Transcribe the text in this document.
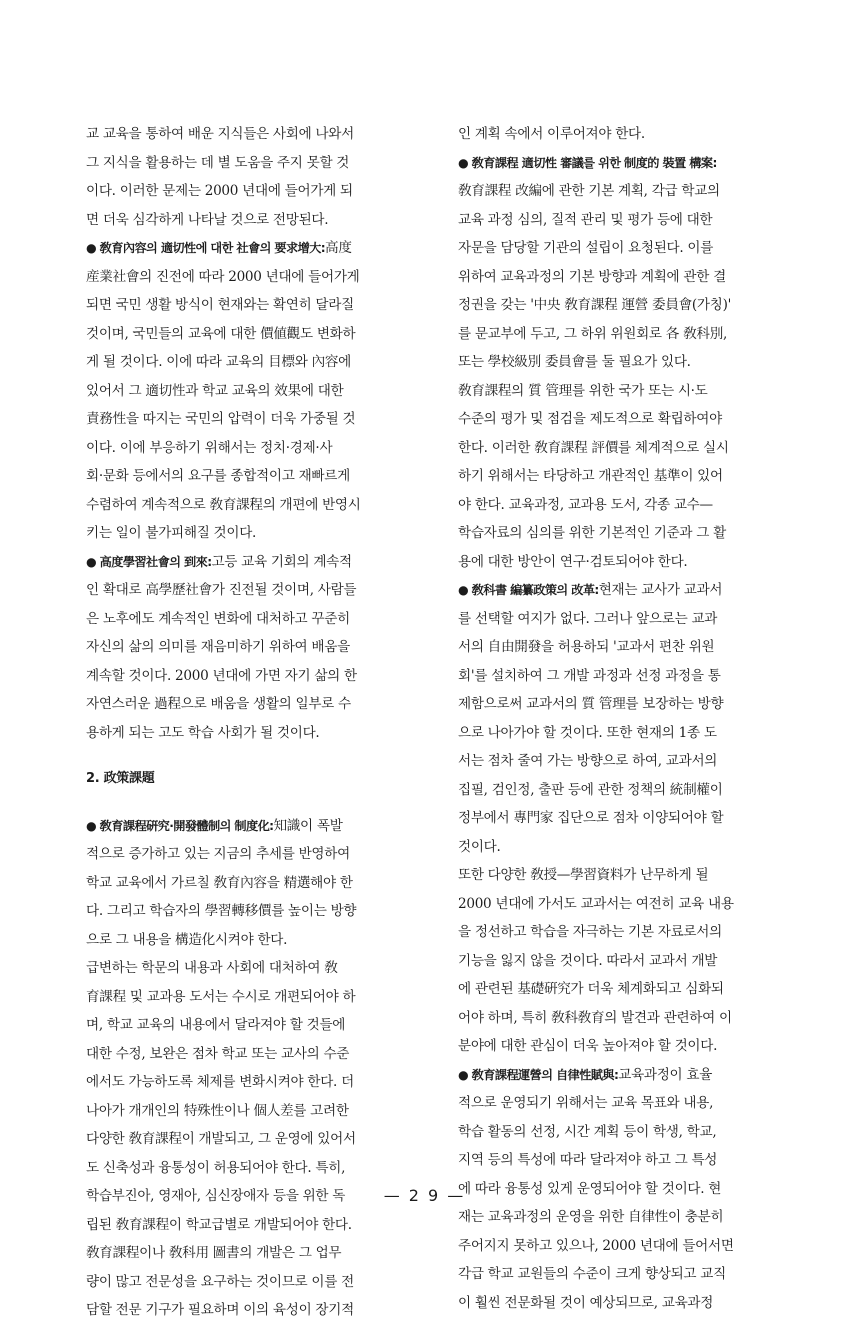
교 교육을 통하여 배운 지식들은 사회에 나와서
그 지식을 활용하는 데 별 도움을 주지 못할 것
이다. 이러한 문제는 2000 년대에 들어가게 되
면 더욱 심각하게 나타날 것으로 전망된다.
● 敎育內容의 適切性에 대한 社會의 要求增大:高度
産業社會의 진전에 따라 2000 년대에 들어가게
되면 국민 생활 방식이 현재와는 확연히 달라질
것이며, 국민들의 교육에 대한 價値觀도 변화하
게 될 것이다. 이에 따라 교육의 目標와 內容에
있어서 그 適切性과 학교 교육의 效果에 대한
責務性을 따지는 국민의 압력이 더욱 가중될 것
이다. 이에 부응하기 위해서는 정치·경제·사
회·문화 등에서의 요구를 종합적이고 재빠르게
수렴하여 계속적으로 敎育課程의 개편에 반영시
키는 일이 불가피해질 것이다.
● 高度學習社會의 到來:고등 교육 기회의 계속적
인 확대로 高學歷社會가 진전될 것이며, 사람들
은 노후에도 계속적인 변화에 대처하고 꾸준히
자신의 삶의 의미를 재음미하기 위하여 배움을
계속할 것이다. 2000 년대에 가면 자기 삶의 한
자연스러운 過程으로 배움을 생활의 일부로 수
용하게 되는 고도 학습 사회가 될 것이다.
2. 政策課題
● 敎育課程硏究·開發體制의 制度化:知識이 폭발
적으로 증가하고 있는 지금의 추세를 반영하여
학교 교육에서 가르칠 敎育內容을 精選해야 한
다. 그리고 학습자의 學習轉移價를 높이는 방향
으로 그 내용을 構造化시켜야 한다.
급변하는 학문의 내용과 사회에 대처하여 敎
育課程 및 교과용 도서는 수시로 개편되어야 하
며, 학교 교육의 내용에서 달라져야 할 것들에
대한 수정, 보완은 점차 학교 또는 교사의 수준
에서도 가능하도록 체제를 변화시켜야 한다. 더
나아가 개개인의 特殊性이나 個人差를 고려한
다양한 敎育課程이 개발되고, 그 운영에 있어서
도 신축성과 융통성이 허용되어야 한다. 특히,
학습부진아, 영재아, 심신장애자 등을 위한 독
립된 敎育課程이 학교급별로 개발되어야 한다.
敎育課程이나 敎科用 圖書의 개발은 그 업무
량이 많고 전문성을 요구하는 것이므로 이를 전
담할 전문 기구가 필요하며 이의 육성이 장기적
인 계획 속에서 이루어져야 한다.
● 敎育課程 適切性 審議를 위한 制度的 裝置 構案:
敎育課程 改編에 관한 기본 계획, 각급 학교의
교육 과정 심의, 질적 관리 및 평가 등에 대한
자문을 담당할 기관의 설립이 요청된다. 이를
위하여 교육과정의 기본 방향과 계획에 관한 결
정권을 갖는 '中央 敎育課程 運營 委員會(가칭)'
를 문교부에 두고, 그 하위 위원회로 各 敎科別,
또는 學校級別 委員會를 둘 필요가 있다.
敎育課程의 質 管理를 위한 국가 또는 시·도
수준의 평가 및 점검을 제도적으로 확립하여야
한다. 이러한 敎育課程 評價를 체계적으로 실시
하기 위해서는 타당하고 개관적인 基準이 있어
야 한다. 교육과정, 교과용 도서, 각종 교수—
학습자료의 심의를 위한 기본적인 기준과 그 활
용에 대한 방안이 연구·검토되어야 한다.
● 敎科書 編纂政策의 改革:현재는 교사가 교과서
를 선택할 여지가 없다. 그러나 앞으로는 교과
서의 自由開發을 허용하되 '교과서 편찬 위원
회'를 설치하여 그 개발 과정과 선정 과정을 통
제함으로써 교과서의 質 管理를 보장하는 방향
으로 나아가야 할 것이다. 또한 현재의 1종 도
서는 점차 줄여 가는 방향으로 하여, 교과서의
집필, 검인정, 출판 등에 관한 정책의 統制權이
정부에서 專門家 집단으로 점차 이양되어야 할
것이다.
또한 다양한 敎授—學習資料가 난무하게 될
2000 년대에 가서도 교과서는 여전히 교육 내용
을 정선하고 학습을 자극하는 기본 자료로서의
기능을 잃지 않을 것이다. 따라서 교과서 개발
에 관련된 基礎硏究가 더욱 체계화되고 심화되
어야 하며, 특히 敎科敎育의 발견과 관련하여 이
분야에 대한 관심이 더욱 높아져야 할 것이다.
● 敎育課程運營의 自律性賦與:교육과정이 효율
적으로 운영되기 위해서는 교육 목표와 내용,
학습 활동의 선정, 시간 계획 등이 학생, 학교,
지역 등의 특성에 따라 달라져야 하고 그 특성
에 따라 융통성 있게 운영되어야 할 것이다. 현
재는 교육과정의 운영을 위한 自律性이 충분히
주어지지 못하고 있으나, 2000 년대에 들어서면
각급 학교 교원들의 수준이 크게 향상되고 교직
이 훨씬 전문화될 것이 예상되므로, 교육과정
— 2 9 —
